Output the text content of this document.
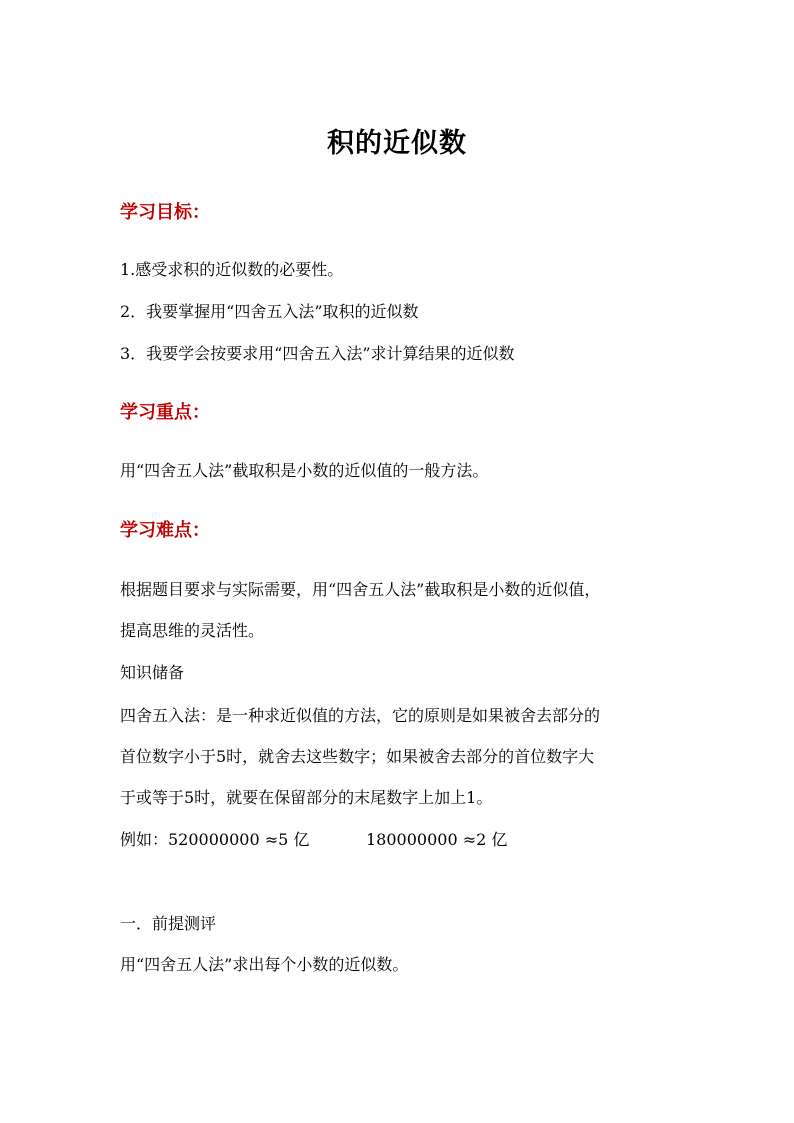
积的近似数
学习目标：
1.感受求积的近似数的必要性。
2．我要掌握用“四舍五入法”取积的近似数
3．我要学会按要求用“四舍五入法”求计算结果的近似数
学习重点：
用“四舍五人法”截取积是小数的近似值的一般方法。
学习难点：
根据题目要求与实际需要，用“四舍五人法”截取积是小数的近似值，
提高思维的灵活性。
知识储备
四舍五入法：是一种求近似值的方法，它的原则是如果被舍去部分的
首位数字小于5时，就舍去这些数字；如果被舍去部分的首位数字大
于或等于5时，就要在保留部分的末尾数字上加上1。
例如：520000000 ≈5 亿	180000000 ≈2 亿
一．前提测评
用“四舍五人法”求出每个小数的近似数。
